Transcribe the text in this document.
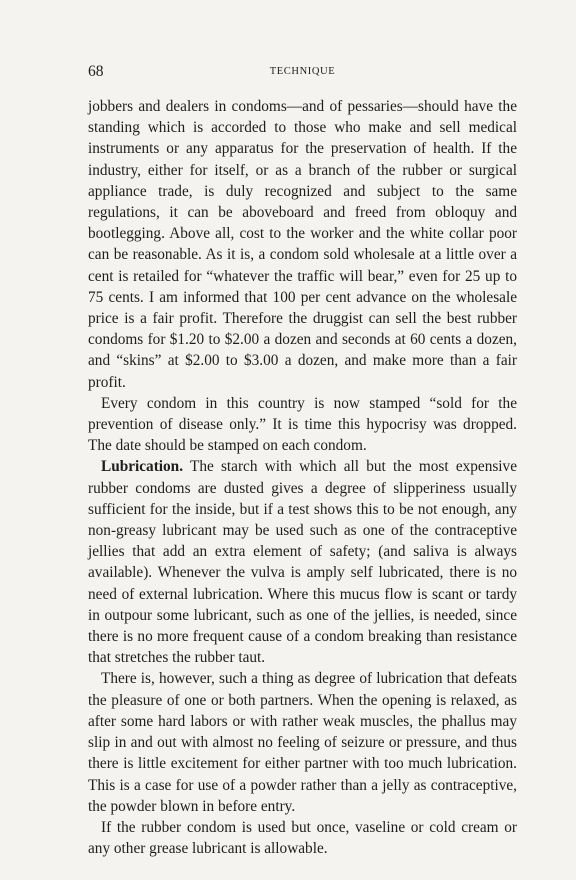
68	TECHNIQUE

jobbers and dealers in condoms—and of pessaries—should have the standing which is accorded to those who make and sell medical instruments or any apparatus for the preservation of health. If the industry, either for itself, or as a branch of the rubber or surgical appliance trade, is duly recognized and subject to the same regulations, it can be aboveboard and freed from obloquy and bootlegging. Above all, cost to the worker and the white collar poor can be reasonable. As it is, a condom sold wholesale at a little over a cent is retailed for “whatever the traffic will bear,” even for 25 up to 75 cents. I am informed that 100 per cent advance on the wholesale price is a fair profit. Therefore the druggist can sell the best rubber condoms for $1.20 to $2.00 a dozen and seconds at 60 cents a dozen, and “skins” at $2.00 to $3.00 a dozen, and make more than a fair profit.

Every condom in this country is now stamped “sold for the prevention of disease only.” It is time this hypocrisy was dropped. The date should be stamped on each condom.

Lubrication. The starch with which all but the most expensive rubber condoms are dusted gives a degree of slipperiness usually sufficient for the inside, but if a test shows this to be not enough, any non-greasy lubricant may be used such as one of the contraceptive jellies that add an extra element of safety; (and saliva is always available). Whenever the vulva is amply self lubricated, there is no need of external lubrication. Where this mucus flow is scant or tardy in outpour some lubricant, such as one of the jellies, is needed, since there is no more frequent cause of a condom breaking than resistance that stretches the rubber taut.

There is, however, such a thing as degree of lubrication that defeats the pleasure of one or both partners. When the opening is relaxed, as after some hard labors or with rather weak muscles, the phallus may slip in and out with almost no feeling of seizure or pressure, and thus there is little excitement for either partner with too much lubrication. This is a case for use of a powder rather than a jelly as contraceptive, the powder blown in before entry.

If the rubber condom is used but once, vaseline or cold cream or any other grease lubricant is allowable.
